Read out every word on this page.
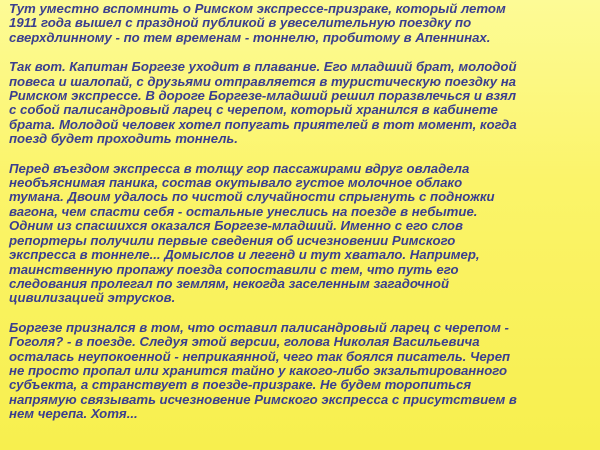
Тут уместно вспомнить о Римском экспрессе-призраке, который летом
1911 года вышел с праздной публикой в увеселительную поездку по
сверхдлинному - по тем временам - тоннелю, пробитому в Апеннинах.

Так вот. Капитан Боргезе уходит в плавание. Его младший брат, молодой
повеса и шалопай, с друзьями отправляется в туристическую поездку на
Римском экспрессе. В дороге Боргезе-младший решил поразвлечься и взял
с собой палисандровый ларец с черепом, который хранился в кабинете
брата. Молодой человек хотел попугать приятелей в тот момент, когда
поезд будет проходить тоннель.

Перед въездом экспресса в толщу гор пассажирами вдруг овладела
необъяснимая паника, состав окутывало густое молочное облако
тумана. Двоим удалось по чистой случайности спрыгнуть с подножки
вагона, чем спасти себя - остальные унеслись на поезде в небытие.
Одним из спасшихся оказался Боргезе-младший. Именно с его слов
репортеры получили первые сведения об исчезновении Римского
экспресса в тоннеле... Домыслов и легенд и тут хватало. Например,
таинственную пропажу поезда сопоставили с тем, что путь его
следования пролегал по землям, некогда заселенным загадочной
цивилизацией этрусков.

Боргезе признался в том, что оставил палисандровый ларец с черепом -
Гоголя? - в поезде. Следуя этой версии, голова Николая Васильевича
осталась неупокоенной - неприкаянной, чего так боялся писатель. Череп
не просто пропал или хранится тайно у какого-либо экзальтированного
субъекта, а странствует в поезде-призраке. Не будем торопиться
напрямую связывать исчезновение Римского экспресса с присутствием в
нем черепа. Хотя...
